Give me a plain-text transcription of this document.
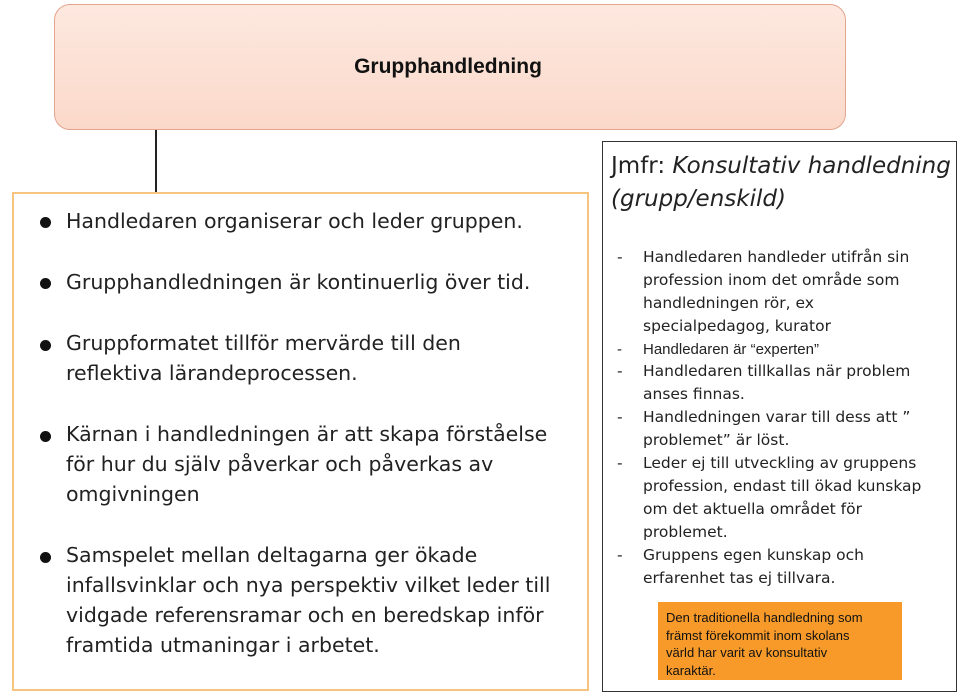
Grupphandledning
Handledaren organiserar och leder gruppen.
Grupphandledningen är kontinuerlig över tid.
Gruppformatet tillför mervärde till den
reflektiva lärandeprocessen.
Kärnan i handledningen är att skapa förståelse
för hur du själv påverkar och påverkas av
omgivningen
Samspelet mellan deltagarna ger ökade
infallsvinklar och nya perspektiv vilket leder till
vidgade referensramar och en beredskap inför
framtida utmaningar i arbetet.
Jmfr: Konsultativ handledning
(grupp/enskild)
- Handledaren handleder utifrån sin
profession inom det område som
handledningen rör, ex
specialpedagog, kurator
- Handledaren är “experten”
- Handledaren tillkallas när problem
anses finnas.
- Handledningen varar till dess att ”
problemet” är löst.
- Leder ej till utveckling av gruppens
profession, endast till ökad kunskap
om det aktuella området för
problemet.
- Gruppens egen kunskap och
erfarenhet tas ej tillvara.
Den traditionella handledning som
främst förekommit inom skolans
värld har varit av konsultativ
karaktär.
